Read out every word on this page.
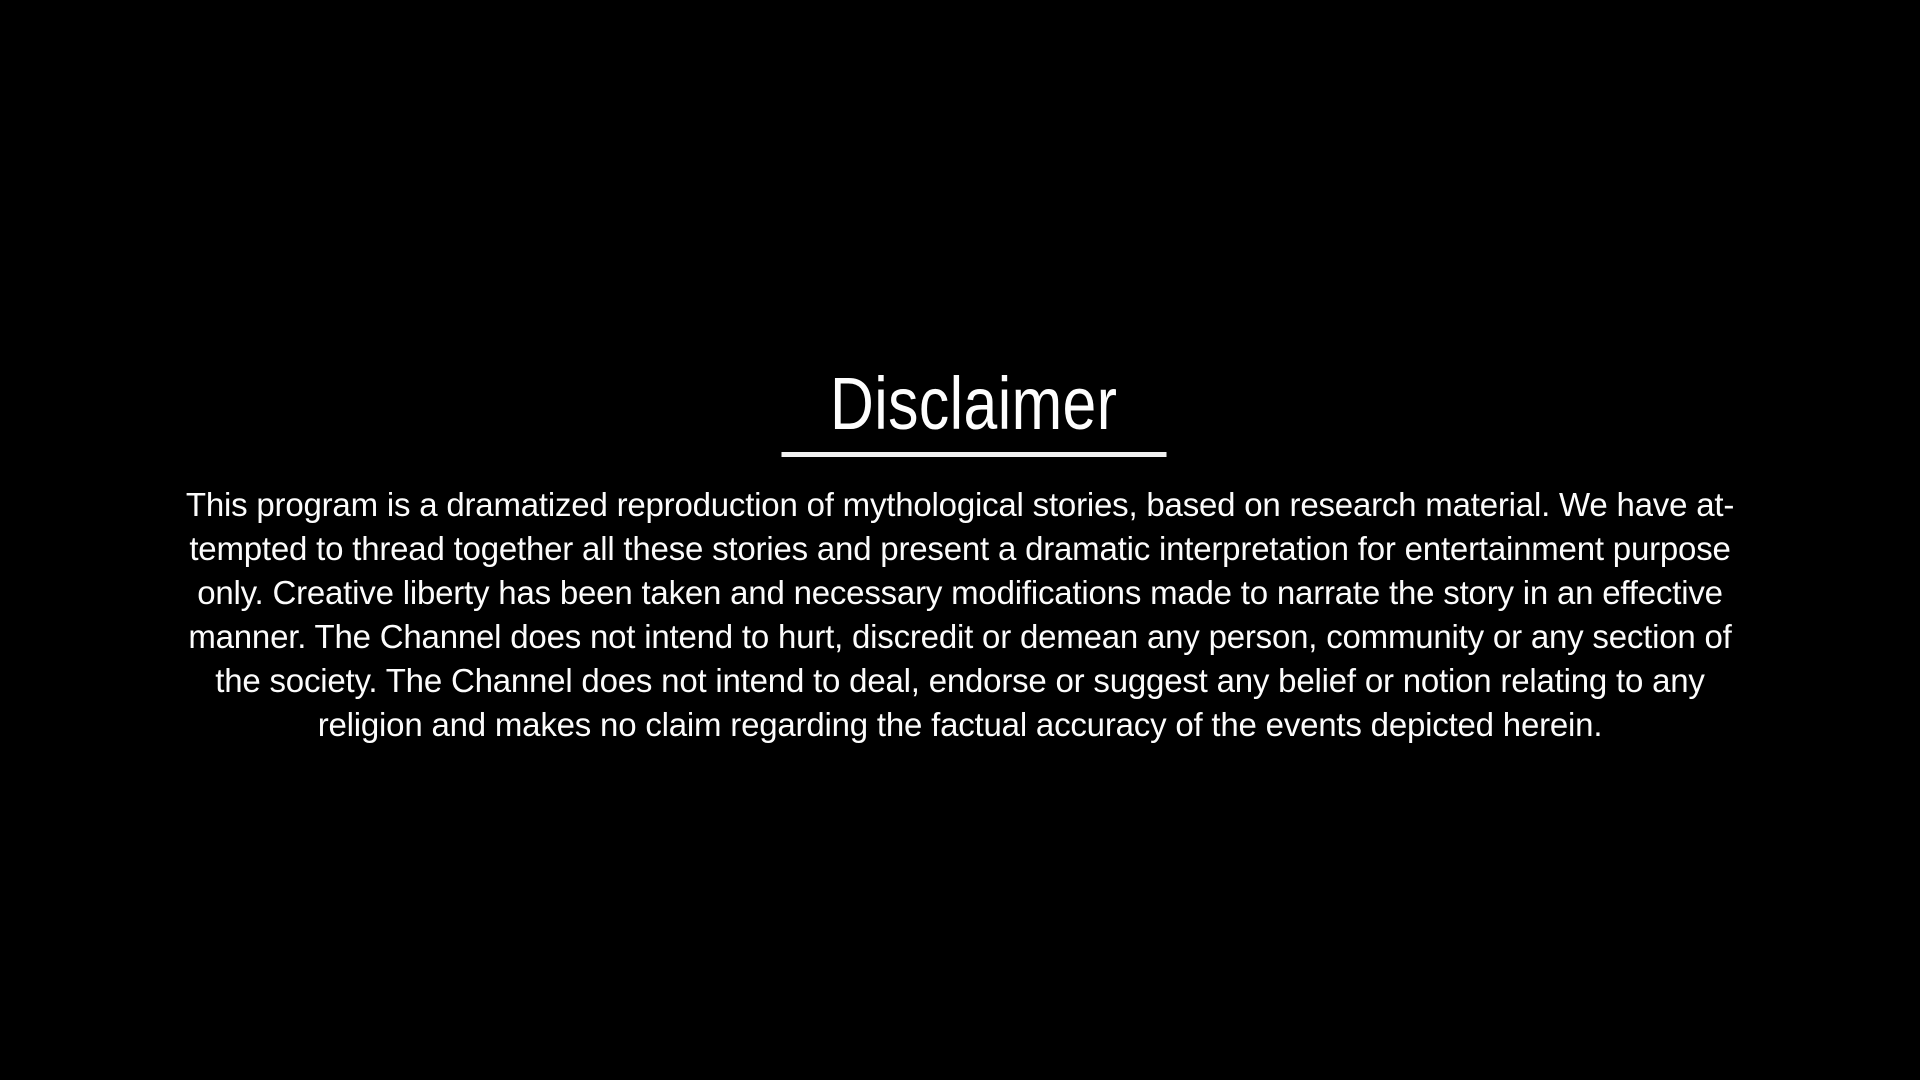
Disclaimer
This program is a dramatized reproduction of mythological stories, based on research material. We have at-
tempted to thread together all these stories and present a dramatic interpretation for entertainment purpose
only. Creative liberty has been taken and necessary modifications made to narrate the story in an effective
manner. The Channel does not intend to hurt, discredit or demean any person, community or any section of
the society. The Channel does not intend to deal, endorse or suggest any belief or notion relating to any
religion and makes no claim regarding the factual accuracy of the events depicted herein.
